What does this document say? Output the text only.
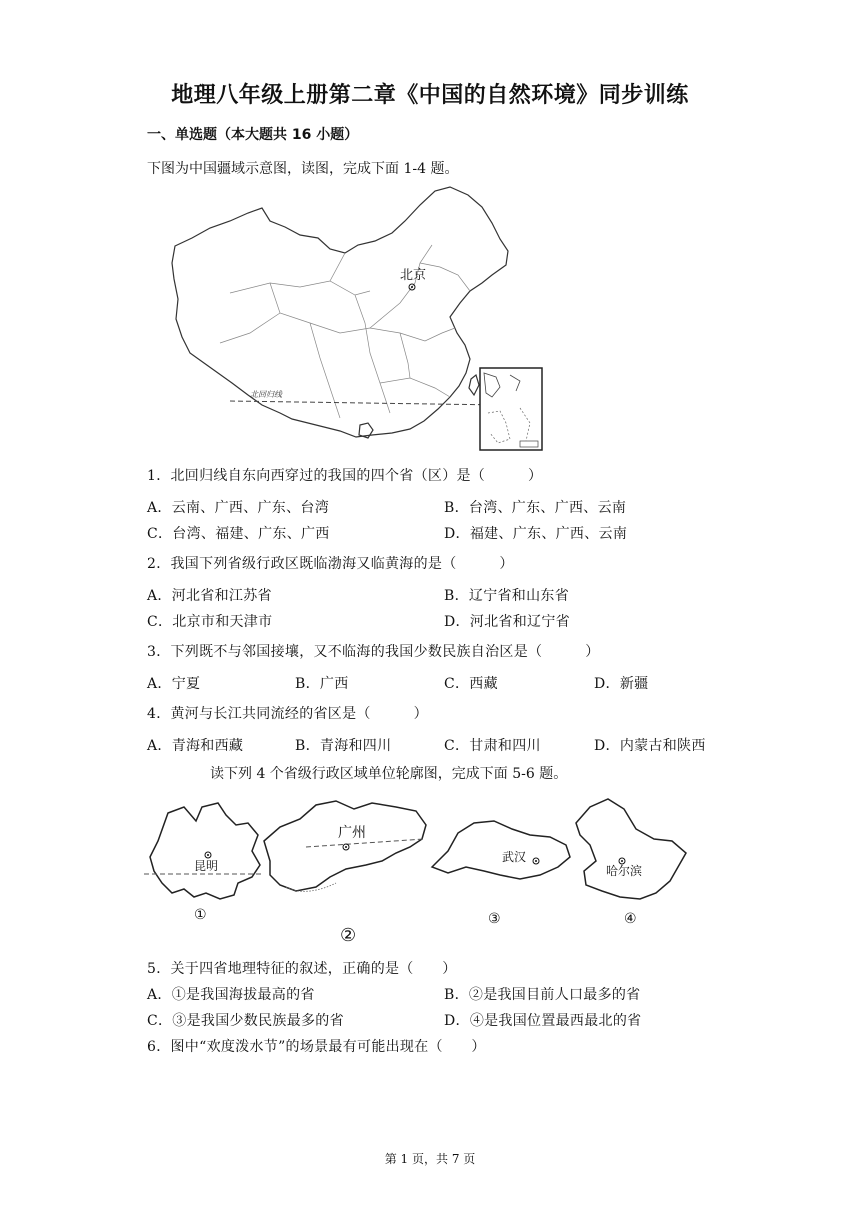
地理八年级上册第二章《中国的自然环境》同步训练
一、单选题（本大题共 16 小题）
下图为中国疆域示意图，读图，完成下面 1-4 题。
北回归线
北京
1．北回归线自东向西穿过的我国的四个省（区）是（　　　）
A．云南、广西、广东、台湾	B．台湾、广东、广西、云南
C．台湾、福建、广东、广西	D．福建、广东、广西、云南
2．我国下列省级行政区既临渤海又临黄海的是（　　　）
A．河北省和江苏省	B．辽宁省和山东省
C．北京市和天津市	D．河北省和辽宁省
3．下列既不与邻国接壤，又不临海的我国少数民族自治区是（　　　）
A．宁夏	B．广西	C．西藏	D．新疆
4．黄河与长江共同流经的省区是（　　　）
A．青海和西藏	B．青海和四川	C．甘肃和四川	D．内蒙古和陕西
读下列 4 个省级行政区域单位轮廓图，完成下面 5-6 题。
昆明
①
广州
②
武汉
③
哈尔滨
④
5．关于四省地理特征的叙述，正确的是（　　）
A．①是我国海拔最高的省	B．②是我国目前人口最多的省
C．③是我国少数民族最多的省	D．④是我国位置最西最北的省
6．图中“欢度泼水节”的场景最有可能出现在（　　）
第 1 页，共 7 页
